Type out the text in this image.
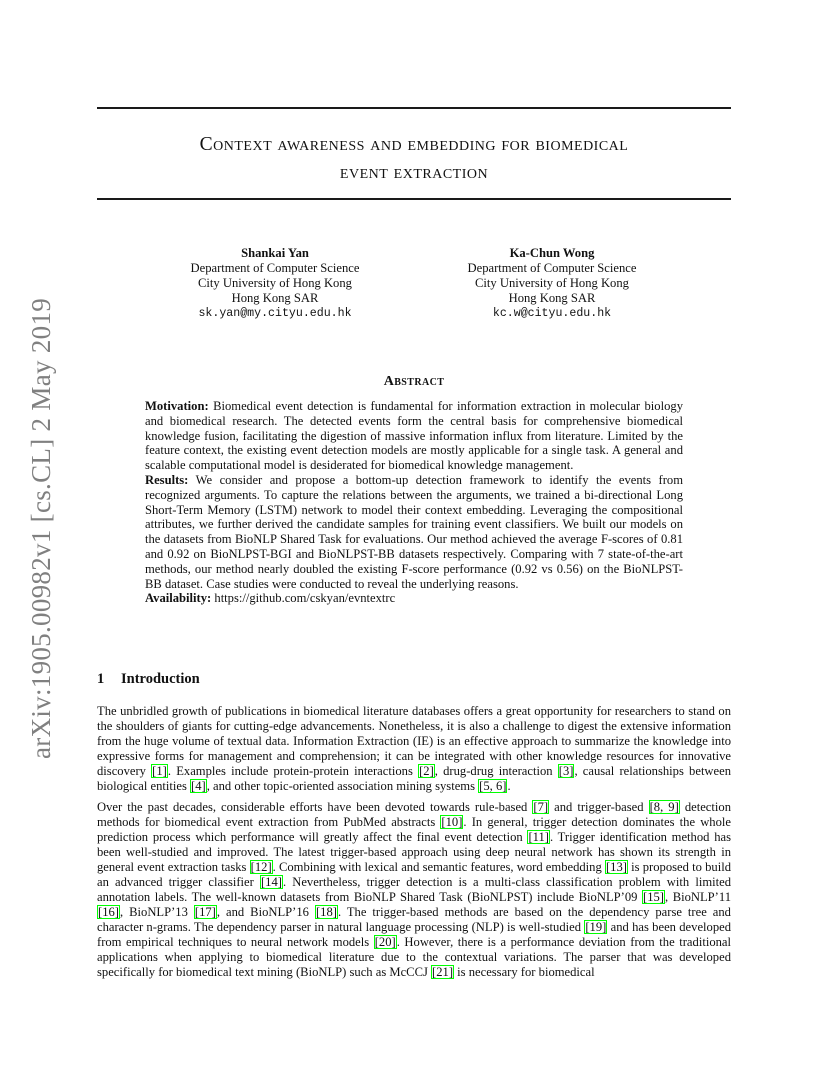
arXiv:1905.00982v1 [cs.CL] 2 May 2019
Context awareness and embedding for biomedical
event extraction
Shankai Yan
Department of Computer Science
City University of Hong Kong
Hong Kong SAR
sk.yan@my.cityu.edu.hk
Ka-Chun Wong
Department of Computer Science
City University of Hong Kong
Hong Kong SAR
kc.w@cityu.edu.hk
Abstract

Motivation: Biomedical event detection is fundamental for information extraction in molecular biology and biomedical research. The detected events form the central basis for comprehensive biomedical knowledge fusion, facilitating the digestion of massive information influx from literature. Limited by the feature context, the existing event detection models are mostly applicable for a single task. A general and scalable computational model is desiderated for biomedical knowledge management.

Results: We consider and propose a bottom-up detection framework to identify the events from recognized arguments. To capture the relations between the arguments, we trained a bi-directional Long Short-Term Memory (LSTM) network to model their context embedding. Leveraging the compositional attributes, we further derived the candidate samples for training event classifiers. We built our models on the datasets from BioNLP Shared Task for evaluations. Our method achieved the average F-scores of 0.81 and 0.92 on BioNLPST-BGI and BioNLPST-BB datasets respectively. Comparing with 7 state-of-the-art methods, our method nearly doubled the existing F-score performance (0.92 vs 0.56) on the BioNLPST-BB dataset. Case studies were conducted to reveal the underlying reasons.

Availability: https://github.com/cskyan/evntextrc

1 Introduction

The unbridled growth of publications in biomedical literature databases offers a great opportunity for researchers to stand on the shoulders of giants for cutting-edge advancements. Nonetheless, it is also a challenge to digest the extensive information from the huge volume of textual data. Information Extraction (IE) is an effective approach to summarize the knowledge into expressive forms for management and comprehension; it can be integrated with other knowledge resources for innovative discovery [1]. Examples include protein-protein interactions [2], drug-drug interaction [3], causal relationships between biological entities [4], and other topic-oriented association mining systems [5, 6].

Over the past decades, considerable efforts have been devoted towards rule-based [7] and trigger-based [8, 9] detection methods for biomedical event extraction from PubMed abstracts [10]. In general, trigger detection dominates the whole prediction process which performance will greatly affect the final event detection [11]. Trigger identification method has been well-studied and improved. The latest trigger-based approach using deep neural network has shown its strength in general event extraction tasks [12]. Combining with lexical and semantic features, word embedding [13] is proposed to build an advanced trigger classifier [14]. Nevertheless, trigger detection is a multi-class classification problem with limited annotation labels. The well-known datasets from BioNLP Shared Task (BioNLPST) include BioNLP’09 [15], BioNLP’11 [16], BioNLP’13 [17], and BioNLP’16 [18]. The trigger-based methods are based on the dependency parse tree and character n-grams. The dependency parser in natural language processing (NLP) is well-studied [19] and has been developed from empirical techniques to neural network models [20]. However, there is a performance deviation from the traditional applications when applying to biomedical literature due to the contextual variations. The parser that was developed specifically for biomedical text mining (BioNLP) such as McCCJ [21] is necessary for biomedical
